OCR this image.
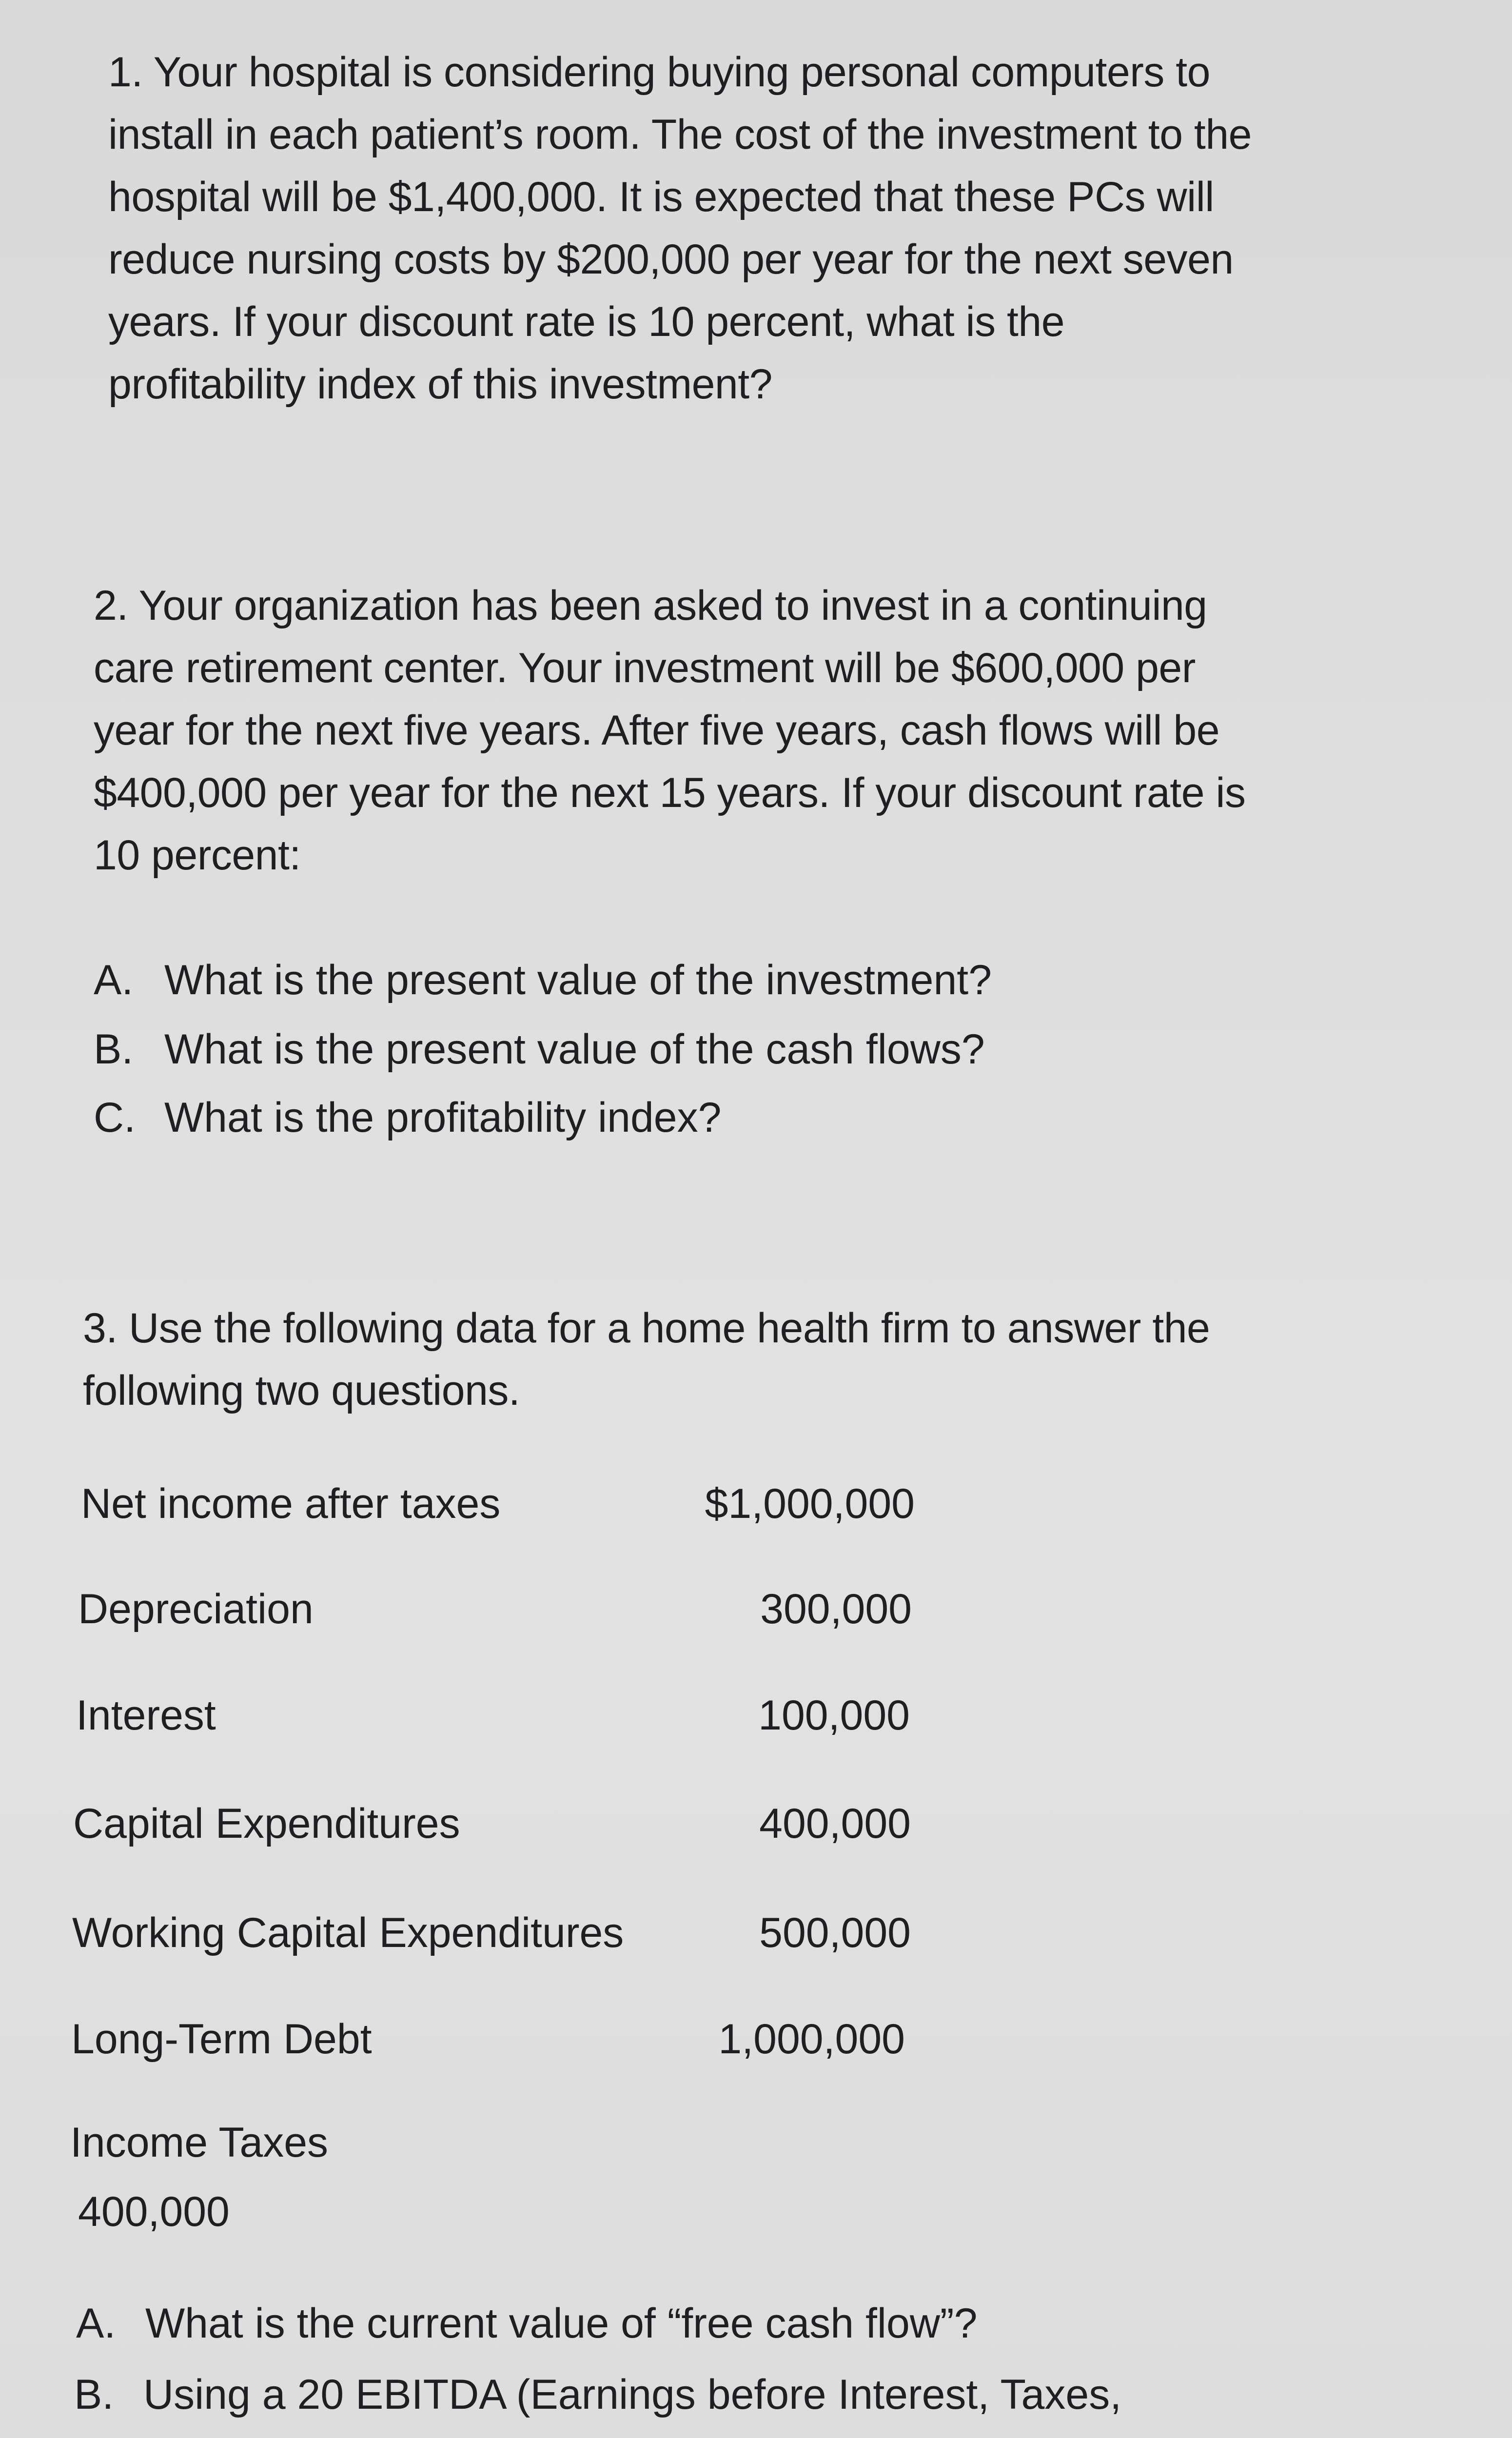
1. Your hospital is considering buying personal computers to
install in each patient’s room. The cost of the investment to the
hospital will be $1,400,000. It is expected that these PCs will
reduce nursing costs by $200,000 per year for the next seven
years. If your discount rate is 10 percent, what is the
profitability index of this investment?
2. Your organization has been asked to invest in a continuing
care retirement center. Your investment will be $600,000 per
year for the next five years. After five years, cash flows will be
$400,000 per year for the next 15 years. If your discount rate is
10 percent:
A. What is the present value of the investment?
B. What is the present value of the cash flows?
C. What is the profitability index?
3. Use the following data for a home health firm to answer the
following two questions.
Net income after taxes	$1,000,000
Depreciation	300,000
Interest	100,000
Capital Expenditures	400,000
Working Capital Expenditures	500,000
Long-Term Debt	1,000,000
Income Taxes
400,000
A. What is the current value of “free cash flow”?
B. Using a 20 EBITDA (Earnings before Interest, Taxes,
